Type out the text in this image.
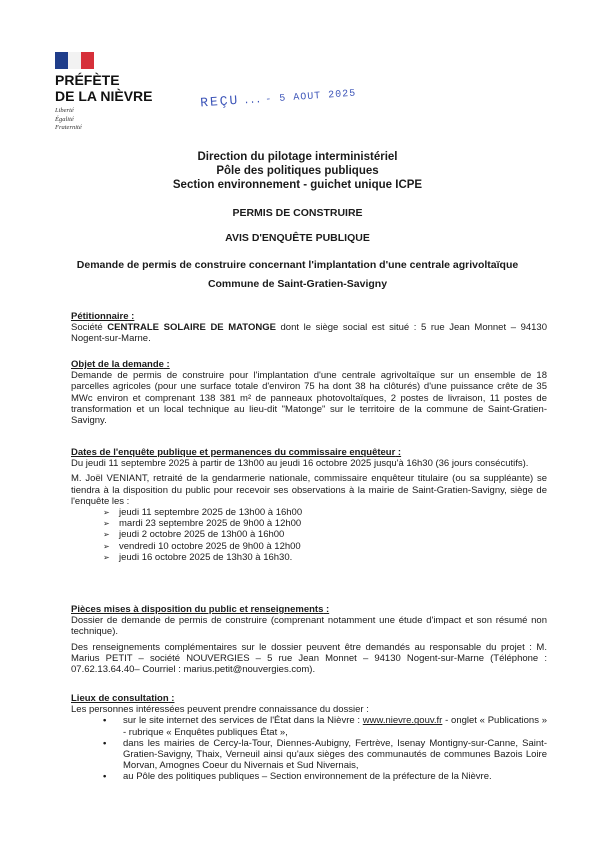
PRÉFÈTE
DE LA NIÈVRE
Liberté
Égalité
Fraternité
REÇU ... - 5 AOUT 2025
Direction du pilotage interministériel
Pôle des politiques publiques
Section environnement - guichet unique ICPE
PERMIS DE CONSTRUIRE
AVIS D'ENQUÊTE PUBLIQUE
Demande de permis de construire concernant l'implantation d'une centrale agrivoltaïque
Commune de Saint-Gratien-Savigny
Pétitionnaire :
Société CENTRALE SOLAIRE DE MATONGE dont le siège social est situé : 5 rue Jean Monnet – 94130 Nogent-sur-Marne.
Objet de la demande :
Demande de permis de construire pour l'implantation d'une centrale agrivoltaïque sur un ensemble de 18 parcelles agricoles (pour une surface totale d'environ 75 ha dont 38 ha clôturés) d'une puissance crête de 35 MWc environ et comprenant 138 381 m² de panneaux photovoltaïques, 2 postes de livraison, 11 postes de transformation et un local technique au lieu-dit "Matonge" sur le territoire de la commune de Saint-Gratien-Savigny.
Dates de l'enquête publique et permanences du commissaire enquêteur :
Du jeudi 11 septembre 2025 à partir de 13h00 au jeudi 16 octobre 2025 jusqu'à 16h30 (36 jours consécutifs).
M. Joël VENIANT, retraité de la gendarmerie nationale, commissaire enquêteur titulaire (ou sa suppléante) se tiendra à la disposition du public pour recevoir ses observations à la mairie de Saint-Gratien-Savigny, siège de l'enquête les :
➢ jeudi 11 septembre 2025 de 13h00 à 16h00
➢ mardi 23 septembre 2025 de 9h00 à 12h00
➢ jeudi 2 octobre 2025 de 13h00 à 16h00
➢ vendredi 10 octobre 2025 de 9h00 à 12h00
➢ jeudi 16 octobre 2025 de 13h30 à 16h30.
Pièces mises à disposition du public et renseignements :
Dossier de demande de permis de construire (comprenant notamment une étude d'impact et son résumé non technique).
Des renseignements complémentaires sur le dossier peuvent être demandés au responsable du projet : M. Marius PETIT – société NOUVERGIES – 5 rue Jean Monnet – 94130 Nogent-sur-Marne (Téléphone : 07.62.13.64.40– Courriel : marius.petit@nouvergies.com).
Lieux de consultation :
Les personnes intéressées peuvent prendre connaissance du dossier :
• sur le site internet des services de l'État dans la Nièvre : www.nievre.gouv.fr - onglet « Publications » - rubrique « Enquêtes publiques État »,
• dans les mairies de Cercy-la-Tour, Diennes-Aubigny, Fertrève, Isenay Montigny-sur-Canne, Saint-Gratien-Savigny, Thaix, Verneuil ainsi qu'aux sièges des communautés de communes Bazois Loire Morvan, Amognes Coeur du Nivernais et Sud Nivernais,
• au Pôle des politiques publiques – Section environnement de la préfecture de la Nièvre.
